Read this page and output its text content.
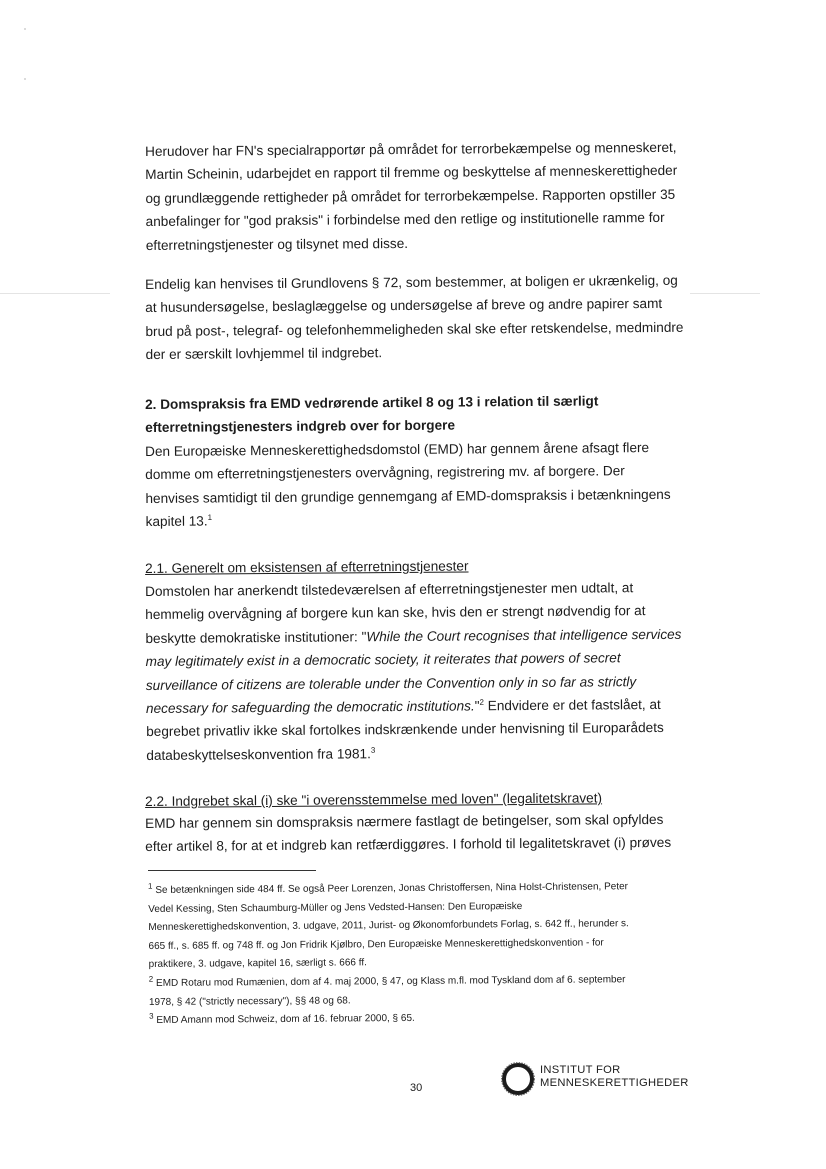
Herudover har FN's specialrapportør på området for terrorbekæmpelse og menneskeret,
Martin Scheinin, udarbejdet en rapport til fremme og beskyttelse af menneskerettigheder
og grundlæggende rettigheder på området for terrorbekæmpelse. Rapporten opstiller 35
anbefalinger for "god praksis" i forbindelse med den retlige og institutionelle ramme for
efterretningstjenester og tilsynet med disse.
Endelig kan henvises til Grundlovens § 72, som bestemmer, at boligen er ukrænkelig, og
at husundersøgelse, beslaglæggelse og undersøgelse af breve og andre papirer samt
brud på post-, telegraf- og telefonhemmeligheden skal ske efter retskendelse, medmindre
der er særskilt lovhjemmel til indgrebet.
2. Domspraksis fra EMD vedrørende artikel 8 og 13 i relation til særligt
efterretningstjenesters indgreb over for borgere
Den Europæiske Menneskerettighedsdomstol (EMD) har gennem årene afsagt flere
domme om efterretningstjenesters overvågning, registrering mv. af borgere. Der
henvises samtidigt til den grundige gennemgang af EMD-domspraksis i betænkningens
kapitel 13.$^1$
2.1. Generelt om eksistensen af efterretningstjenester
Domstolen har anerkendt tilstedeværelsen af efterretningstjenester men udtalt, at
hemmelig overvågning af borgere kun kan ske, hvis den er strengt nødvendig for at
beskytte demokratiske institutioner: "While the Court recognises that intelligence services
may legitimately exist in a democratic society, it reiterates that powers of secret
surveillance of citizens are tolerable under the Convention only in so far as strictly
necessary for safeguarding the democratic institutions."$^2$ Endvidere er det fastslået, at
begrebet privatliv ikke skal fortolkes indskrænkende under henvisning til Europarådets
databeskyttelseskonvention fra 1981.$^3$
2.2. Indgrebet skal (i) ske "i overensstemmelse med loven" (legalitetskravet)
EMD har gennem sin domspraksis nærmere fastlagt de betingelser, som skal opfyldes
efter artikel 8, for at et indgreb kan retfærdiggøres. I forhold til legalitetskravet (i) prøves
$^1$ Se betænkningen side 484 ff. Se også Peer Lorenzen, Jonas Christoffersen, Nina Holst-Christensen, Peter
Vedel Kessing, Sten Schaumburg-Müller og Jens Vedsted-Hansen: Den Europæiske
Menneskerettighedskonvention, 3. udgave, 2011, Jurist- og Økonomforbundets Forlag, s. 642 ff., herunder s.
665 ff., s. 685 ff. og 748 ff. og Jon Fridrik Kjølbro, Den Europæiske Menneskerettighedskonvention - for
praktikere, 3. udgave, kapitel 16, særligt s. 666 ff.
$^2$ EMD Rotaru mod Rumænien, dom af 4. maj 2000, § 47, og Klass m.fl. mod Tyskland dom af 6. september
1978, § 42 ("strictly necessary"), §§ 48 og 68.
$^3$ EMD Amann mod Schweiz, dom af 16. februar 2000, § 65.
30
INSTITUT FOR
MENNESKERETTIGHEDER
